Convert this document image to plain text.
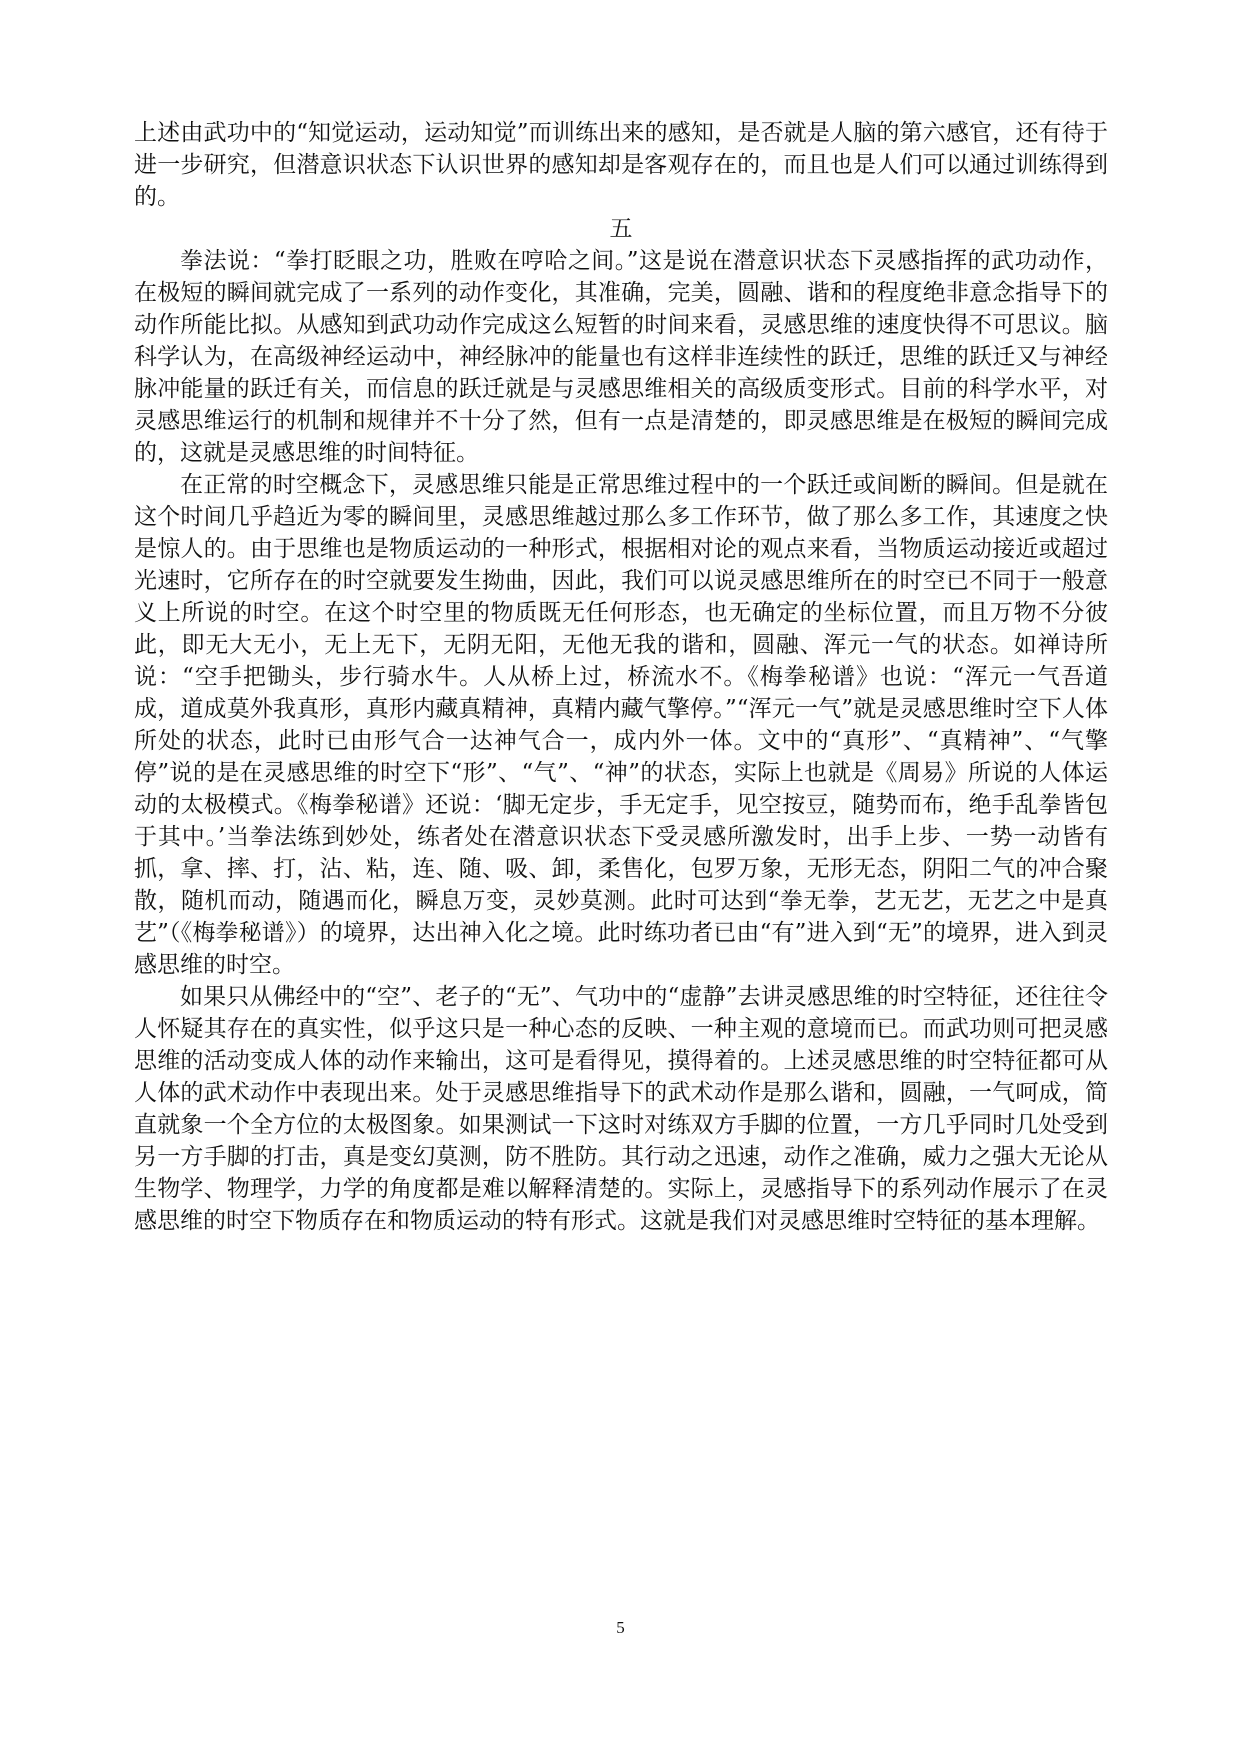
上述由武功中的“知觉运动，运动知觉”而训练出来的感知，是否就是人脑的第六感官，还有待于进一步研究，但潜意识状态下认识世界的感知却是客观存在的，而且也是人们可以通过训练得到的。

五

拳法说：“拳打眨眼之功，胜败在哼哈之间。”这是说在潜意识状态下灵感指挥的武功动作，在极短的瞬间就完成了一系列的动作变化，其准确，完美，圆融、谐和的程度绝非意念指导下的动作所能比拟。从感知到武功动作完成这么短暂的时间来看，灵感思维的速度快得不可思议。脑科学认为，在高级神经运动中，神经脉冲的能量也有这样非连续性的跃迁，思维的跃迁又与神经脉冲能量的跃迁有关，而信息的跃迁就是与灵感思维相关的高级质变形式。目前的科学水平，对灵感思维运行的机制和规律并不十分了然，但有一点是清楚的，即灵感思维是在极短的瞬间完成的，这就是灵感思维的时间特征。

在正常的时空概念下，灵感思维只能是正常思维过程中的一个跃迁或间断的瞬间。但是就在这个时间几乎趋近为零的瞬间里，灵感思维越过那么多工作环节，做了那么多工作，其速度之快是惊人的。由于思维也是物质运动的一种形式，根据相对论的观点来看，当物质运动接近或超过光速时，它所存在的时空就要发生拗曲，因此，我们可以说灵感思维所在的时空已不同于一般意义上所说的时空。在这个时空里的物质既无任何形态，也无确定的坐标位置，而且万物不分彼此，即无大无小，无上无下，无阴无阳，无他无我的谐和，圆融、浑元一气的状态。如禅诗所说：“空手把锄头，步行骑水牛。人从桥上过，桥流水不。《梅拳秘谱》也说：“浑元一气吾道成，道成莫外我真形，真形内藏真精神，真精内藏气擎停。”“浑元一气”就是灵感思维时空下人体所处的状态，此时已由形气合一达神气合一，成内外一体。文中的“真形”、“真精神”、“气擎停”说的是在灵感思维的时空下“形”、“气”、“神”的状态，实际上也就是《周易》所说的人体运动的太极模式。《梅拳秘谱》还说：‘脚无定步，手无定手，见空按豆，随势而布，绝手乱拳皆包于其中。’当拳法练到妙处，练者处在潜意识状态下受灵感所激发时，出手上步、一势一动皆有抓，拿、摔、打，沾、粘，连、随、吸、卸，柔售化，包罗万象，无形无态，阴阳二气的冲合聚散，随机而动，随遇而化，瞬息万变，灵妙莫测。此时可达到“拳无拳，艺无艺，无艺之中是真艺”（《梅拳秘谱》）的境界，达出神入化之境。此时练功者已由“有”进入到“无”的境界，进入到灵感思维的时空。

如果只从佛经中的“空”、老子的“无”、气功中的“虚静”去讲灵感思维的时空特征，还往往令人怀疑其存在的真实性，似乎这只是一种心态的反映、一种主观的意境而已。而武功则可把灵感思维的活动变成人体的动作来输出，这可是看得见，摸得着的。上述灵感思维的时空特征都可从人体的武术动作中表现出来。处于灵感思维指导下的武术动作是那么谐和，圆融，一气呵成，简直就象一个全方位的太极图象。如果测试一下这时对练双方手脚的位置，一方几乎同时几处受到另一方手脚的打击，真是变幻莫测，防不胜防。其行动之迅速，动作之准确，威力之强大无论从生物学、物理学，力学的角度都是难以解释清楚的。实际上，灵感指导下的系列动作展示了在灵感思维的时空下物质存在和物质运动的特有形式。这就是我们对灵感思维时空特征的基本理解。

5
